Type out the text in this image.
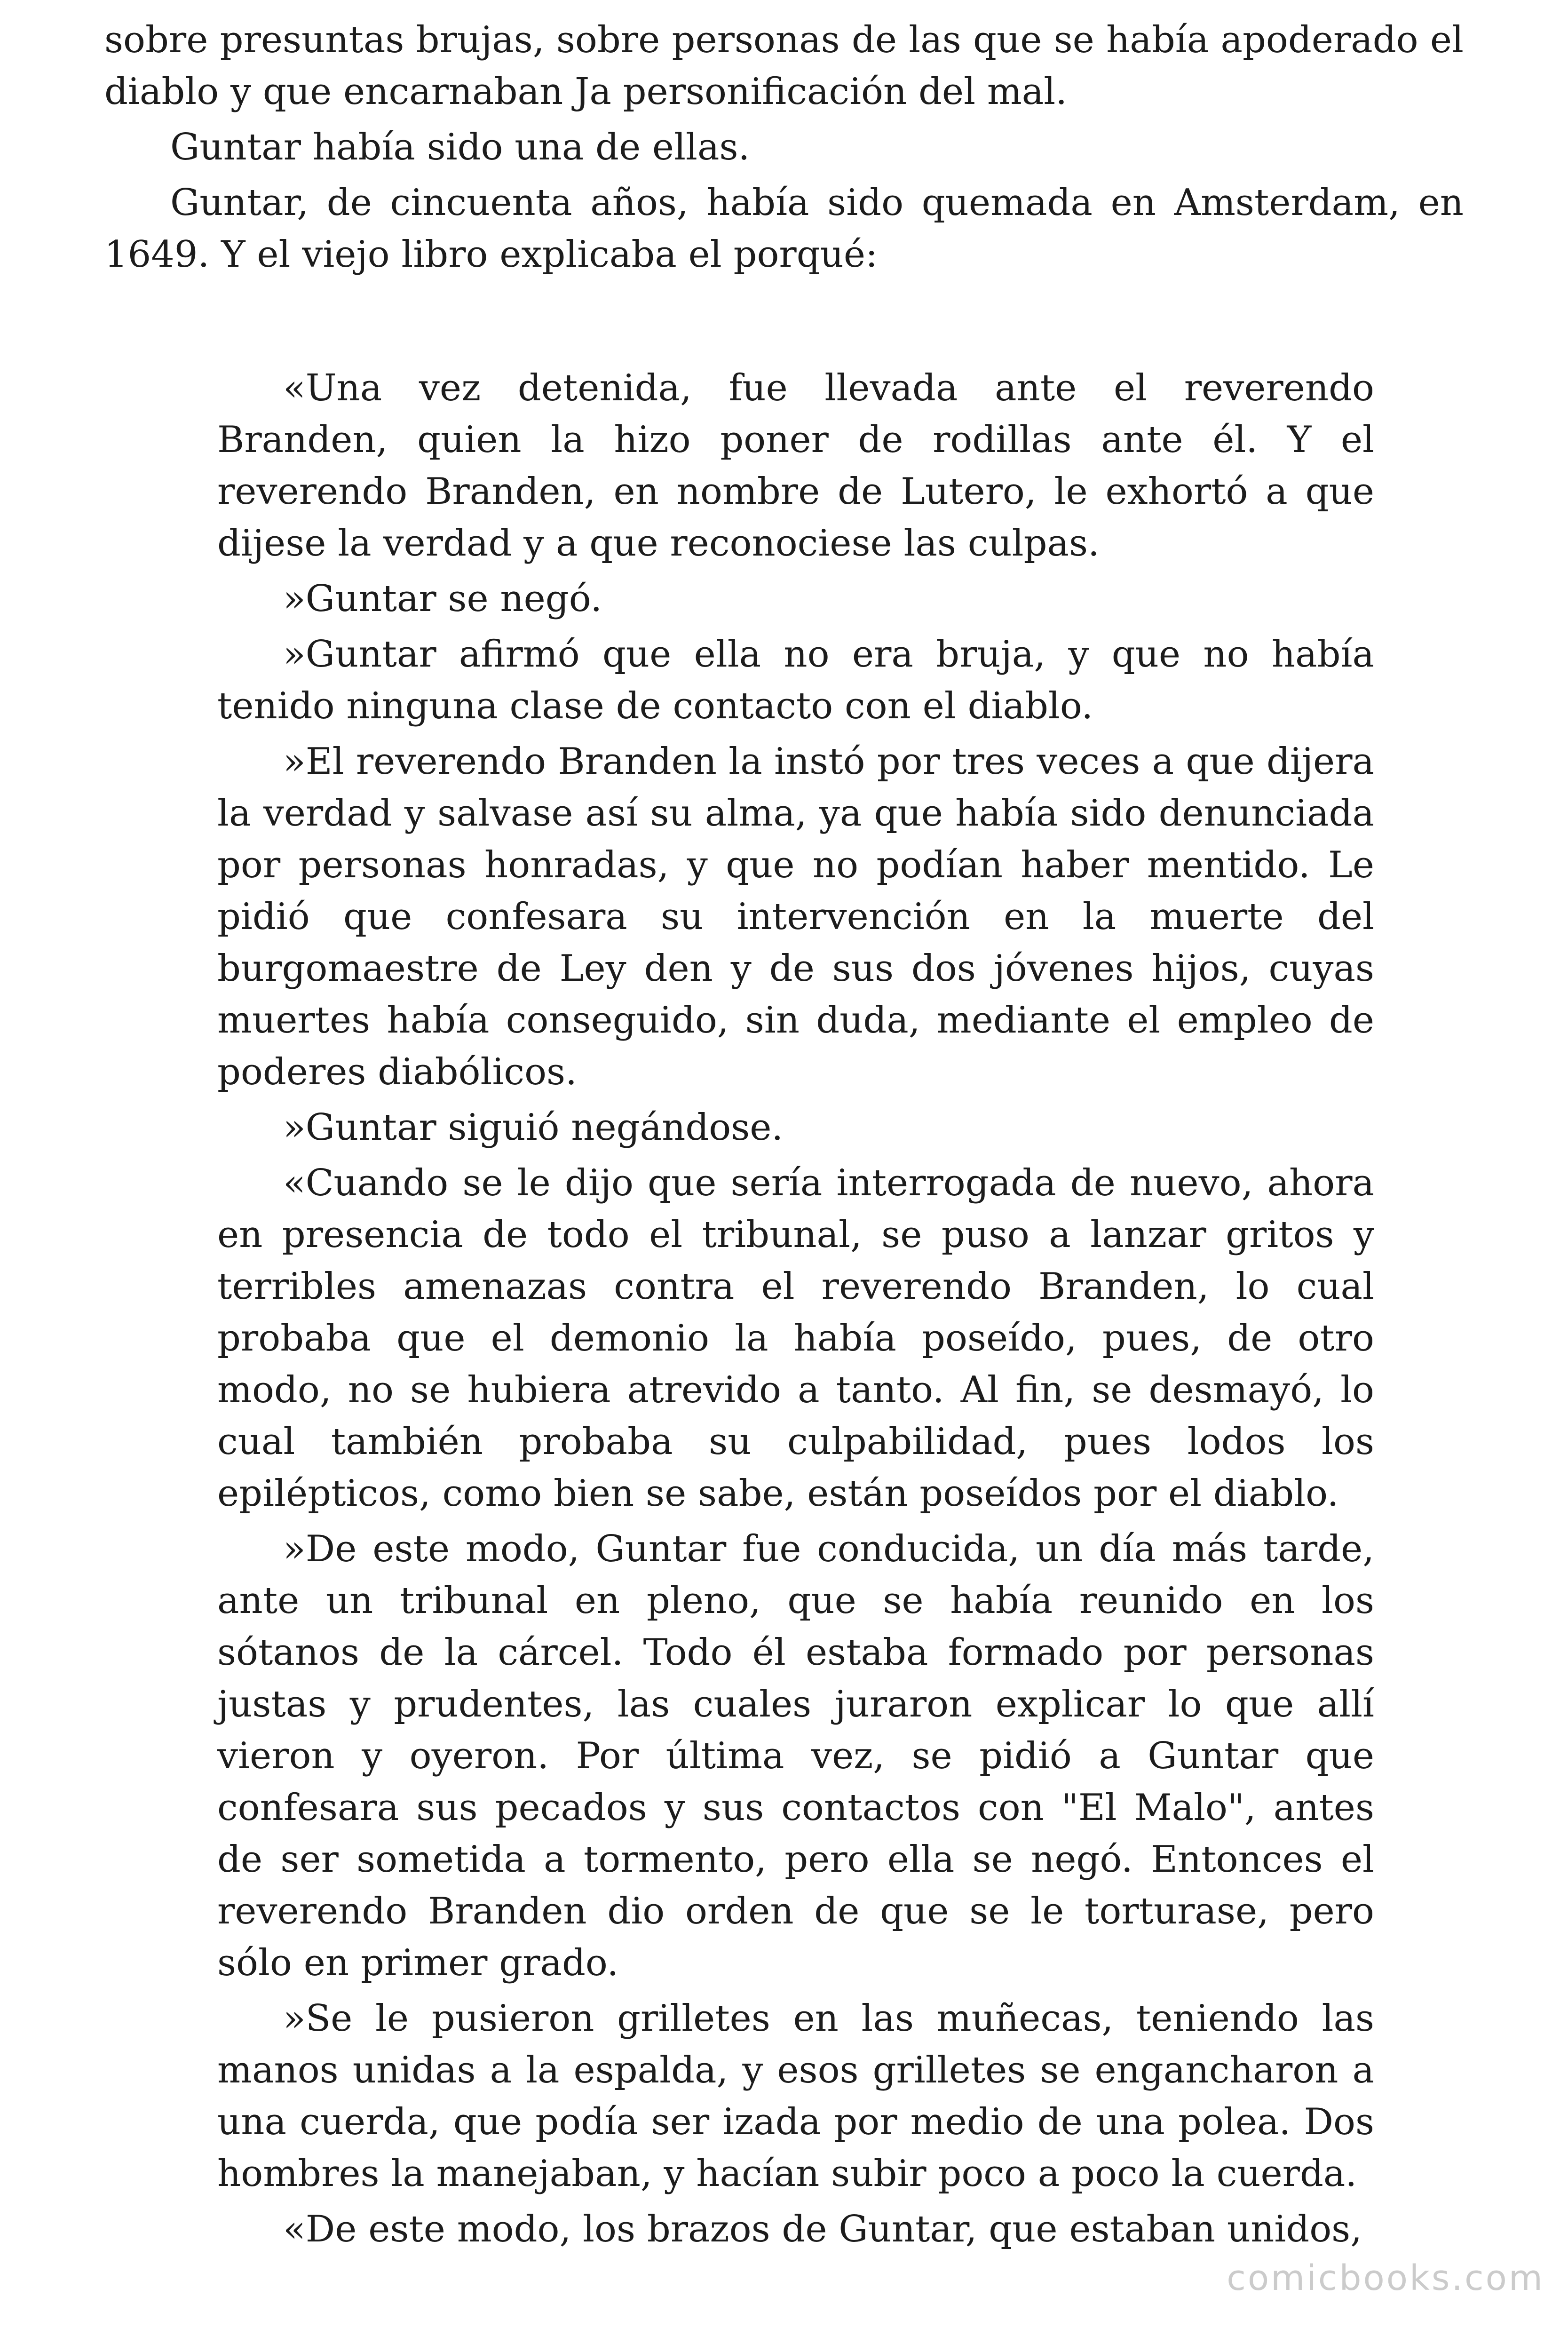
sobre presuntas brujas, sobre personas de las que se había apoderado el diablo y que encarnaban Ja personificación del mal.

Guntar había sido una de ellas.

Guntar, de cincuenta años, había sido quemada en Amsterdam, en 1649. Y el viejo libro explicaba el porqué:

«Una vez detenida, fue llevada ante el reverendo Branden, quien la hizo poner de rodillas ante él. Y el reverendo Branden, en nombre de Lutero, le exhortó a que dijese la verdad y a que reconociese las culpas.

»Guntar se negó.

»Guntar afirmó que ella no era bruja, y que no había tenido ninguna clase de contacto con el diablo.

»El reverendo Branden la instó por tres veces a que dijera la verdad y salvase así su alma, ya que había sido denunciada por personas honradas, y que no podían haber mentido. Le pidió que confesara su intervención en la muerte del burgomaestre de Ley den y de sus dos jóvenes hijos, cuyas muertes había conseguido, sin duda, mediante el empleo de poderes diabólicos.

»Guntar siguió negándose.

«Cuando se le dijo que sería interrogada de nuevo, ahora en presencia de todo el tribunal, se puso a lanzar gritos y terribles amenazas contra el reverendo Branden, lo cual probaba que el demonio la había poseído, pues, de otro modo, no se hubiera atrevido a tanto. Al fin, se desmayó, lo cual también probaba su culpabilidad, pues lodos los epilépticos, como bien se sabe, están poseídos por el diablo.

»De este modo, Guntar fue conducida, un día más tarde, ante un tribunal en pleno, que se había reunido en los sótanos de la cárcel. Todo él estaba formado por personas justas y prudentes, las cuales juraron explicar lo que allí vieron y oyeron. Por última vez, se pidió a Guntar que confesara sus pecados y sus contactos con "El Malo", antes de ser sometida a tormento, pero ella se negó. Entonces el reverendo Branden dio orden de que se le torturase, pero sólo en primer grado.

»Se le pusieron grilletes en las muñecas, teniendo las manos unidas a la espalda, y esos grilletes se engancharon a una cuerda, que podía ser izada por medio de una polea. Dos hombres la manejaban, y hacían subir poco a poco la cuerda.

«De este modo, los brazos de Guntar, que estaban unidos,

comicbooks.com
